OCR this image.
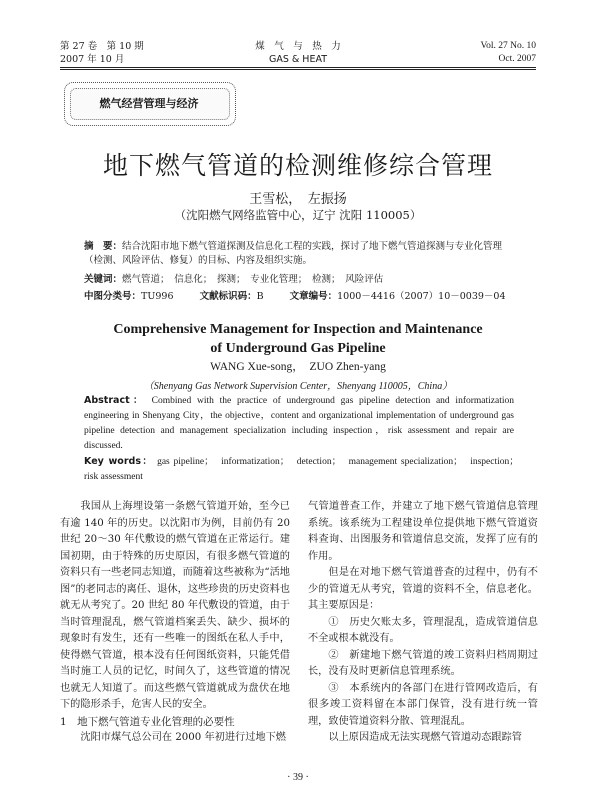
第 27 卷　第 10 期
2007 年 10 月
煤　气　与　热　力
GAS & HEAT
Vol. 27 No. 10
Oct. 2007
燃气经营管理与经济
地下燃气管道的检测维修综合管理
王雪松，　左振扬
（沈阳燃气网络监管中心，辽宁 沈阳 110005）
摘　要：结合沈阳市地下燃气管道探测及信息化工程的实践，探讨了地下燃气管道探测与专业化管理（检测、风险评估、修复）的目标、内容及组织实施。
关键词：燃气管道；　信息化；　探测；　专业化管理；　检测；　风险评估
中图分类号：TU996	文献标识码：B	文章编号：1000－4416（2007）10－0039－04
Comprehensive Management for Inspection and Maintenance
of Underground Gas Pipeline
WANG Xue-song，　ZUO Zhen-yang
（Shenyang Gas Network Supervision Center，Shenyang 110005，China）
Abstract： Combined with the practice of underground gas pipeline detection and informatization engineering in Shenyang City，the objective，content and organizational implementation of underground gas pipeline detection and management specialization including inspection，risk assessment and repair are discussed.
Key words： gas pipeline；　informatization；　detection；　management specialization；　inspection；　risk assessment

我国从上海埋设第一条燃气管道开始，至今已有逾 140 年的历史。以沈阳市为例，目前仍有 20 世纪 20～30 年代敷设的燃气管道在正常运行。建国初期，由于特殊的历史原因，有很多燃气管道的资料只有一些老同志知道，而随着这些被称为“活地图”的老同志的离任、退休，这些珍贵的历史资料也就无从考究了。20 世纪 80 年代敷设的管道，由于当时管理混乱，燃气管道档案丢失、缺少、损坏的现象时有发生，还有一些唯一的图纸在私人手中，使得燃气管道，根本没有任何图纸资料，只能凭借当时施工人员的记忆，时间久了，这些管道的情况也就无人知道了。而这些燃气管道就成为盘伏在地下的隐形杀手，危害人民的安全。

1　地下燃气管道专业化管理的必要性

沈阳市煤气总公司在 2000 年初进行过地下燃

气管道普查工作，并建立了地下燃气管道信息管理系统。该系统为工程建设单位提供地下燃气管道资料查询、出图服务和管道信息交流，发挥了应有的作用。

但是在对地下燃气管道普查的过程中，仍有不少的管道无从考究，管道的资料不全，信息老化。其主要原因是：

①　历史欠账太多，管理混乱，造成管道信息不全或根本就没有。

②　新建地下燃气管道的竣工资料归档周期过长，没有及时更新信息管理系统。

③　本系统内的各部门在进行管网改造后，有很多竣工资料留在本部门保管，没有进行统一管理，致使管道资料分散、管理混乱。

以上原因造成无法实现燃气管道动态跟踪管

· 39 ·
